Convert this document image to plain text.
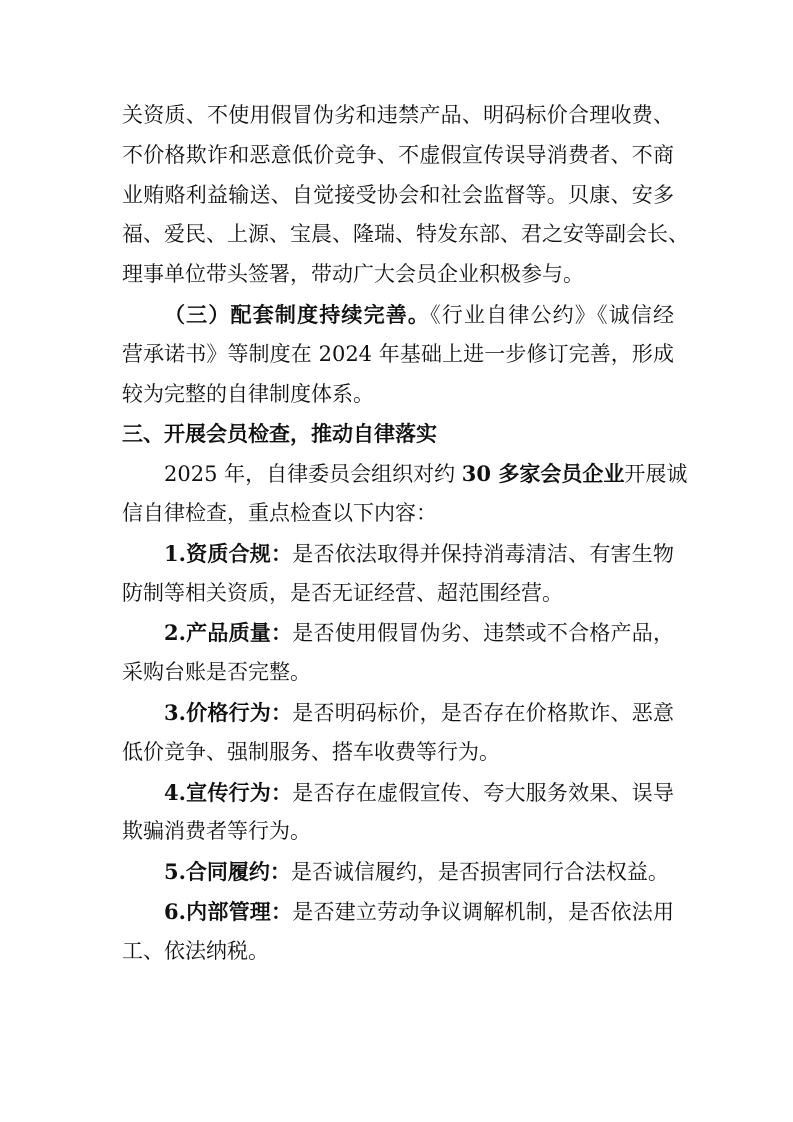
关资质、不使用假冒伪劣和违禁产品、明码标价合理收费、
不价格欺诈和恶意低价竞争、不虚假宣传误导消费者、不商
业贿赂利益输送、自觉接受协会和社会监督等。贝康、安多
福、爱民、上源、宝晨、隆瑞、特发东部、君之安等副会长、
理事单位带头签署，带动广大会员企业积极参与。
（三）配套制度持续完善。《行业自律公约》《诚信经
营承诺书》等制度在 2024 年基础上进一步修订完善，形成
较为完整的自律制度体系。
三、开展会员检查，推动自律落实
2025 年，自律委员会组织对约 30 多家会员企业开展诚
信自律检查，重点检查以下内容：
1.资质合规：是否依法取得并保持消毒清洁、有害生物
防制等相关资质，是否无证经营、超范围经营。
2.产品质量：是否使用假冒伪劣、违禁或不合格产品，
采购台账是否完整。
3.价格行为：是否明码标价，是否存在价格欺诈、恶意
低价竞争、强制服务、搭车收费等行为。
4.宣传行为：是否存在虚假宣传、夸大服务效果、误导
欺骗消费者等行为。
5.合同履约：是否诚信履约，是否损害同行合法权益。
6.内部管理：是否建立劳动争议调解机制，是否依法用
工、依法纳税。
